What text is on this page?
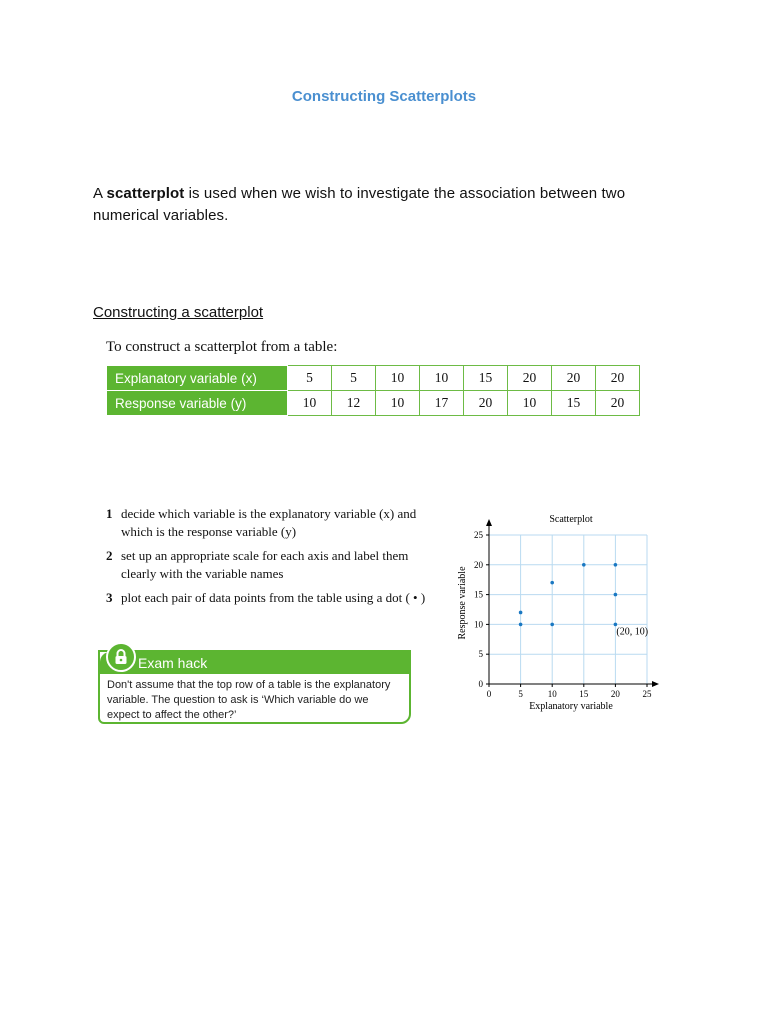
Constructing Scatterplots
A scatterplot is used when we wish to investigate the association between two numerical variables.
Constructing a scatterplot
To construct a scatterplot from a table:
Explanatory variable (x)	5	5	10	10	15	20	20	20
Response variable (y)	10	12	10	17	20	10	15	20
1 decide which variable is the explanatory variable (x) and which is the response variable (y)
2 set up an appropriate scale for each axis and label them clearly with the variable names
3 plot each pair of data points from the table using a dot ( • )
Exam hack
Don't assume that the top row of a table is the explanatory variable. The question to ask is ‘Which variable do we expect to affect the other?’
Scatterplot
0	5	10	15	20	25
0
5
10
15
20
25
Explanatory variable
Response variable	(20, 10)
